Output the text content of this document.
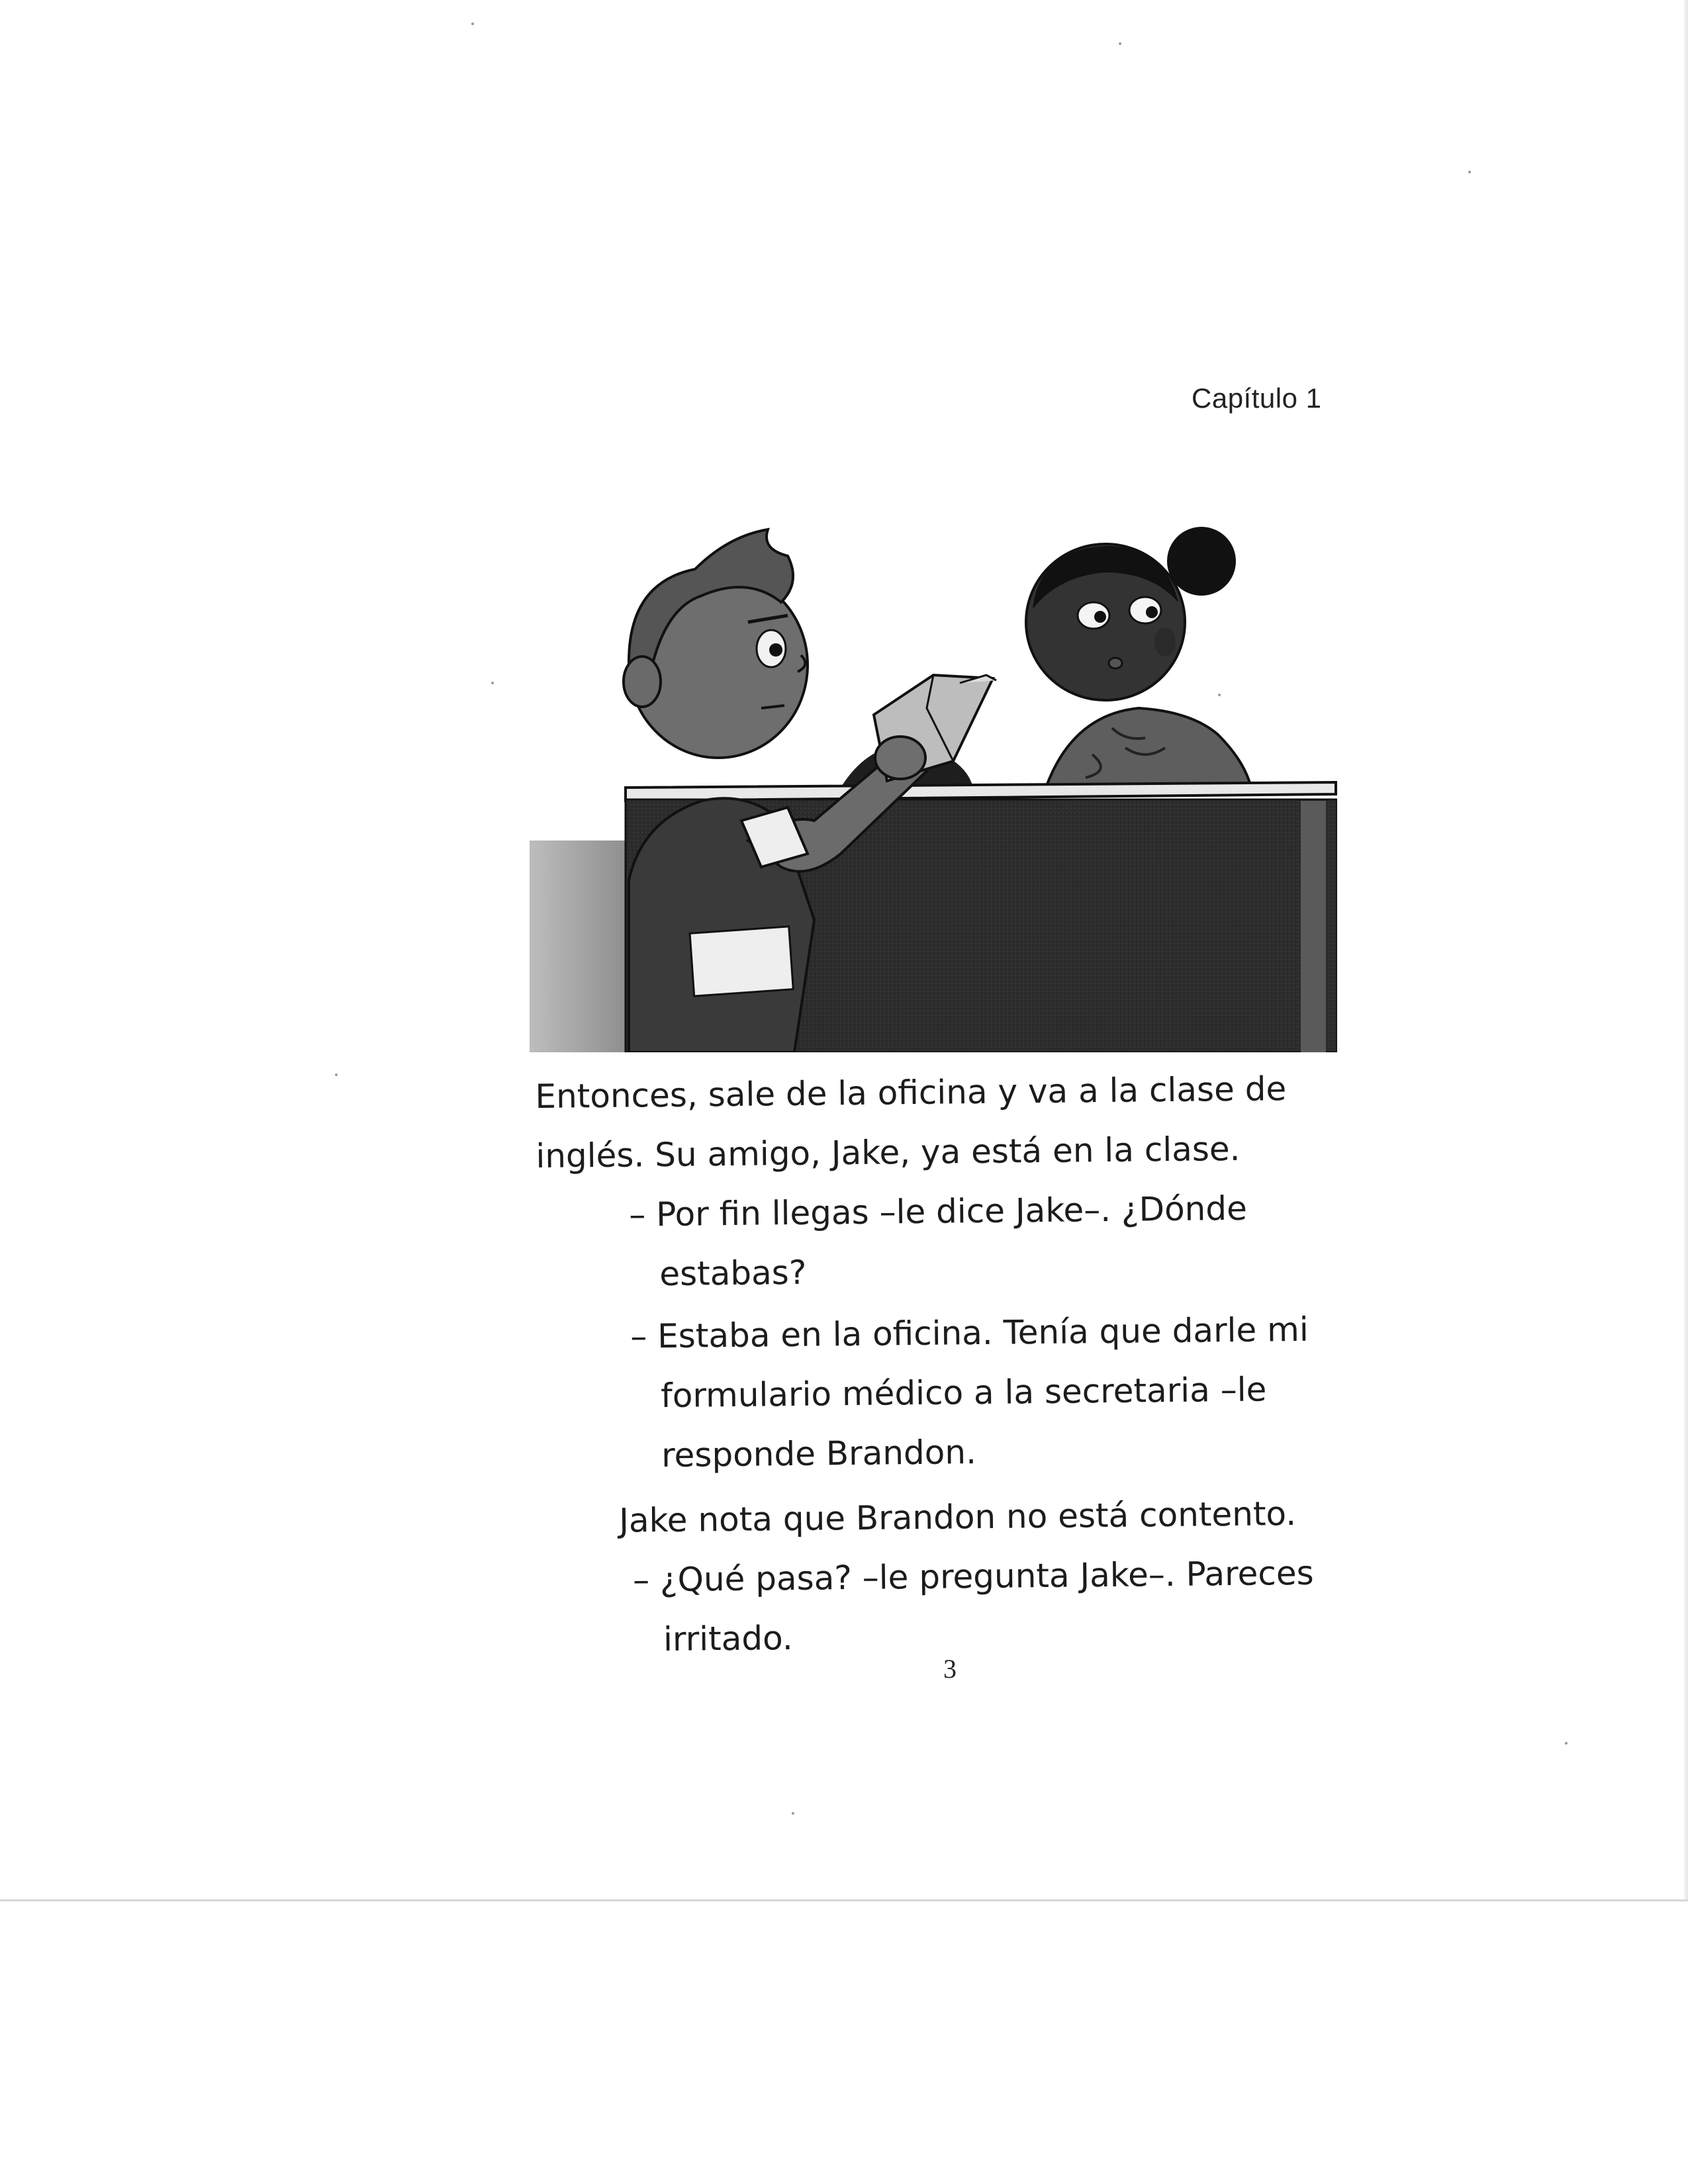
Capítulo 1

Entonces, sale de la oficina y va a la clase de inglés. Su amigo, Jake, ya está en la clase.

– Por fin llegas –le dice Jake–. ¿Dónde estabas?

– Estaba en la oficina. Tenía que darle mi formulario médico a la secretaria –le responde Brandon.

Jake nota que Brandon no está contento.

– ¿Qué pasa? –le pregunta Jake–. Pareces irritado.

3
